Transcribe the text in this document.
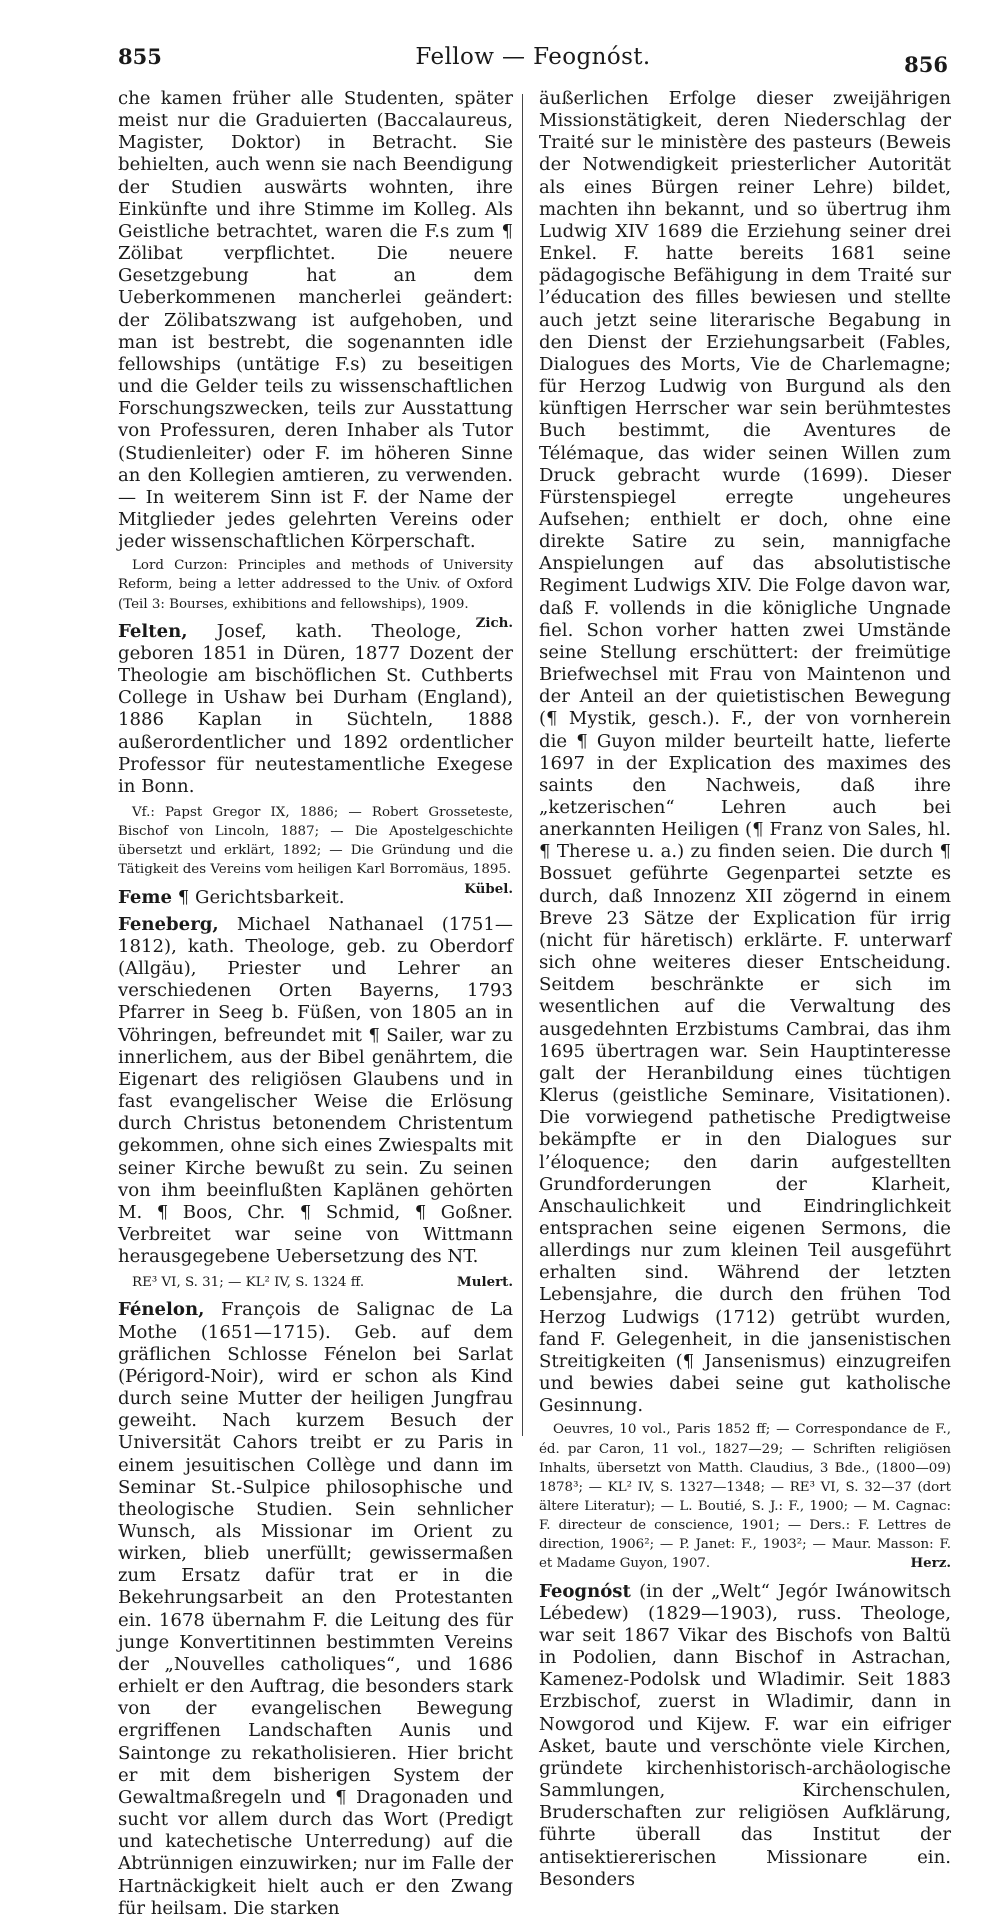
855	Fellow — Feognóst.	856

che kamen früher alle Studenten, später meist nur die Graduierten (Baccalaureus, Magister, Doktor) in Betracht. Sie behielten, auch wenn sie nach Beendigung der Studien auswärts wohnten, ihre Einkünfte und ihre Stimme im Kolleg. Als Geistliche betrachtet, waren die F.s zum ¶ Zölibat verpflichtet. Die neuere Gesetzgebung hat an dem Ueberkommenen mancherlei geändert: der Zölibatszwang ist aufgehoben, und man ist bestrebt, die sogenannten idle fellowships (untätige F.s) zu beseitigen und die Gelder teils zu wissenschaftlichen Forschungszwecken, teils zur Ausstattung von Professuren, deren Inhaber als Tutor (Studienleiter) oder F. im höheren Sinne an den Kollegien amtieren, zu verwenden. — In weiterem Sinn ist F. der Name der Mitglieder jedes gelehrten Vereins oder jeder wissenschaftlichen Körperschaft.

Lord Curzon: Principles and methods of University Reform, being a letter addressed to the Univ. of Oxford (Teil 3: Bourses, exhibitions and fellowships), 1909.
Zich.

Felten, Josef, kath. Theologe, geboren 1851 in Düren, 1877 Dozent der Theologie am bischöflichen St. Cuthberts College in Ushaw bei Durham (England), 1886 Kaplan in Süchteln, 1888 außerordentlicher und 1892 ordentlicher Professor für neutestamentliche Exegese in Bonn.

Vf.: Papst Gregor IX, 1886; — Robert Grosseteste, Bischof von Lincoln, 1887; — Die Apostelgeschichte übersetzt und erklärt, 1892; — Die Gründung und die Tätigkeit des Vereins vom heiligen Karl Borromäus, 1895.
Kübel.

Feme ¶ Gerichtsbarkeit.

Feneberg, Michael Nathanael (1751—1812), kath. Theologe, geb. zu Oberdorf (Allgäu), Priester und Lehrer an verschiedenen Orten Bayerns, 1793 Pfarrer in Seeg b. Füßen, von 1805 an in Vöhringen, befreundet mit ¶ Sailer, war zu innerlichem, aus der Bibel genährtem, die Eigenart des religiösen Glaubens und in fast evangelischer Weise die Erlösung durch Christus betonendem Christentum gekommen, ohne sich eines Zwiespalts mit seiner Kirche bewußt zu sein. Zu seinen von ihm beeinflußten Kaplänen gehörten M. ¶ Boos, Chr. ¶ Schmid, ¶ Goßner. Verbreitet war seine von Wittmann herausgegebene Uebersetzung des NT.

RE³ VI, S. 31; — KL² IV, S. 1324 ff.	Mulert.

Fénelon, François de Salignac de La Mothe (1651—1715). Geb. auf dem gräflichen Schlosse Fénelon bei Sarlat (Périgord-Noir), wird er schon als Kind durch seine Mutter der heiligen Jungfrau geweiht. Nach kurzem Besuch der Universität Cahors treibt er zu Paris in einem jesuitischen Collège und dann im Seminar St.-Sulpice philosophische und theologische Studien. Sein sehnlicher Wunsch, als Missionar im Orient zu wirken, blieb unerfüllt; gewissermaßen zum Ersatz dafür trat er in die Bekehrungsarbeit an den Protestanten ein. 1678 übernahm F. die Leitung des für junge Konvertitinnen bestimmten Vereins der „Nouvelles catholiques“, und 1686 erhielt er den Auftrag, die besonders stark von der evangelischen Bewegung ergriffenen Landschaften Aunis und Saintonge zu rekatholisieren. Hier bricht er mit dem bisherigen System der Gewaltmaßregeln und ¶ Dragonaden und sucht vor allem durch das Wort (Predigt und katechetische Unterredung) auf die Abtrünnigen einzuwirken; nur im Falle der Hartnäckigkeit hielt auch er den Zwang für heilsam. Die starken

äußerlichen Erfolge dieser zweijährigen Missionstätigkeit, deren Niederschlag der Traité sur le ministère des pasteurs (Beweis der Notwendigkeit priesterlicher Autorität als eines Bürgen reiner Lehre) bildet, machten ihn bekannt, und so übertrug ihm Ludwig XIV 1689 die Erziehung seiner drei Enkel. F. hatte bereits 1681 seine pädagogische Befähigung in dem Traité sur l’éducation des filles bewiesen und stellte auch jetzt seine literarische Begabung in den Dienst der Erziehungsarbeit (Fables, Dialogues des Morts, Vie de Charlemagne; für Herzog Ludwig von Burgund als den künftigen Herrscher war sein berühmtestes Buch bestimmt, die Aventures de Télémaque, das wider seinen Willen zum Druck gebracht wurde (1699). Dieser Fürstenspiegel erregte ungeheures Aufsehen; enthielt er doch, ohne eine direkte Satire zu sein, mannigfache Anspielungen auf das absolutistische Regiment Ludwigs XIV. Die Folge davon war, daß F. vollends in die königliche Ungnade fiel. Schon vorher hatten zwei Umstände seine Stellung erschüttert: der freimütige Briefwechsel mit Frau von Maintenon und der Anteil an der quietistischen Bewegung (¶ Mystik, gesch.). F., der von vornherein die ¶ Guyon milder beurteilt hatte, lieferte 1697 in der Explication des maximes des saints den Nachweis, daß ihre „ketzerischen“ Lehren auch bei anerkannten Heiligen (¶ Franz von Sales, hl. ¶ Therese u. a.) zu finden seien. Die durch ¶ Bossuet geführte Gegenpartei setzte es durch, daß Innozenz XII zögernd in einem Breve 23 Sätze der Explication für irrig (nicht für häretisch) erklärte. F. unterwarf sich ohne weiteres dieser Entscheidung. Seitdem beschränkte er sich im wesentlichen auf die Verwaltung des ausgedehnten Erzbistums Cambrai, das ihm 1695 übertragen war. Sein Hauptinteresse galt der Heranbildung eines tüchtigen Klerus (geistliche Seminare, Visitationen). Die vorwiegend pathetische Predigtweise bekämpfte er in den Dialogues sur l’éloquence; den darin aufgestellten Grundforderungen der Klarheit, Anschaulichkeit und Eindringlichkeit entsprachen seine eigenen Sermons, die allerdings nur zum kleinen Teil ausgeführt erhalten sind. Während der letzten Lebensjahre, die durch den frühen Tod Herzog Ludwigs (1712) getrübt wurden, fand F. Gelegenheit, in die jansenistischen Streitigkeiten (¶ Jansenismus) einzugreifen und bewies dabei seine gut katholische Gesinnung.

Oeuvres, 10 vol., Paris 1852 ff; — Correspondance de F., éd. par Caron, 11 vol., 1827—29; — Schriften religiösen Inhalts, übersetzt von Matth. Claudius, 3 Bde., (1800—09) 1878³; — KL² IV, S. 1327—1348; — RE³ VI, S. 32—37 (dort ältere Literatur); — L. Boutié, S. J.: F., 1900; — M. Cagnac: F. directeur de conscience, 1901; — Ders.: F. Lettres de direction, 1906²; — P. Janet: F., 1903²; — Maur. Masson: F. et Madame Guyon, 1907.	Herz.

Feognóst (in der „Welt“ Jegór Iwánowitsch Lébedew) (1829—1903), russ. Theologe, war seit 1867 Vikar des Bischofs von Baltü in Podolien, dann Bischof in Astrachan, Kamenez-Podolsk und Wladimir. Seit 1883 Erzbischof, zuerst in Wladimir, dann in Nowgorod und Kijew. F. war ein eifriger Asket, baute und verschönte viele Kirchen, gründete kirchenhistorisch-archäologische Sammlungen, Kirchenschulen, Bruderschaften zur religiösen Aufklärung, führte überall das Institut der antisektiererischen Missionare ein. Besonders
